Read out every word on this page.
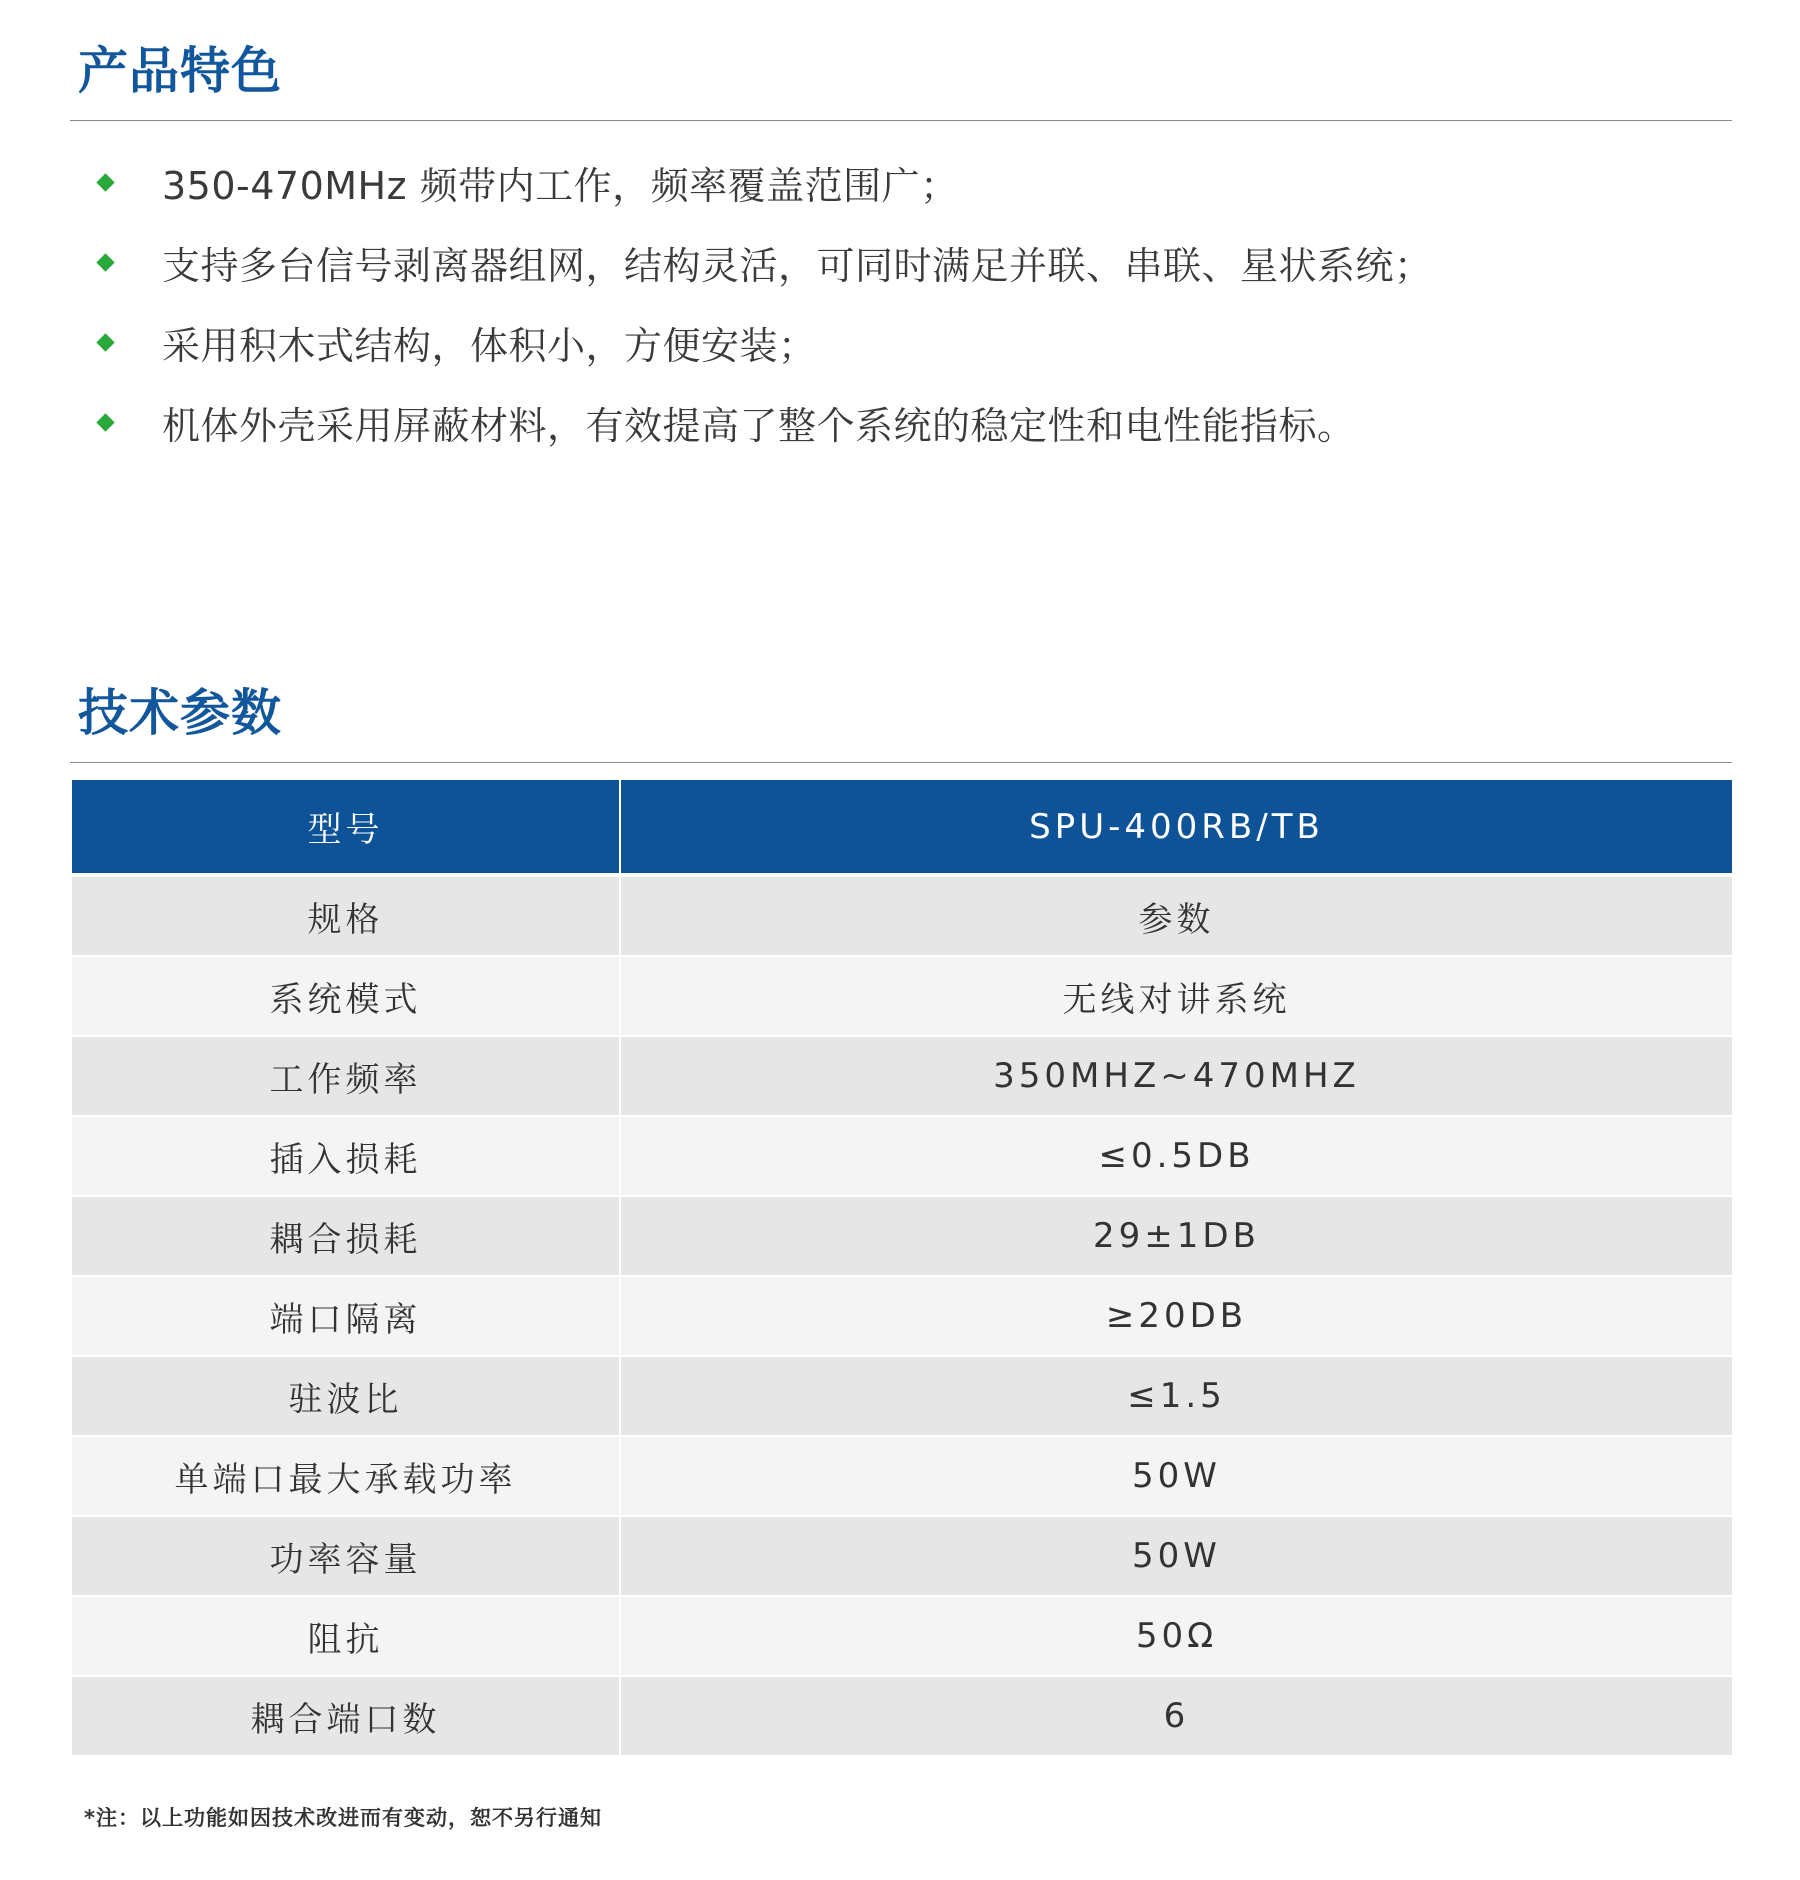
产品特色
350-470MHz 频带内工作，频率覆盖范围广；
支持多台信号剥离器组网，结构灵活，可同时满足并联、串联、星状系统；
采用积木式结构，体积小，方便安装；
机体外壳采用屏蔽材料，有效提高了整个系统的稳定性和电性能指标。
技术参数
型号	SPU-400RB/TB
规格	参数
系统模式	无线对讲系统
工作频率	350MHZ~470MHZ
插入损耗	≤0.5DB
耦合损耗	29±1DB
端口隔离	≥20DB
驻波比	≤1.5
单端口最大承载功率	50W
功率容量	50W
阻抗	50Ω
耦合端口数	6
*注：以上功能如因技术改进而有变动，恕不另行通知
